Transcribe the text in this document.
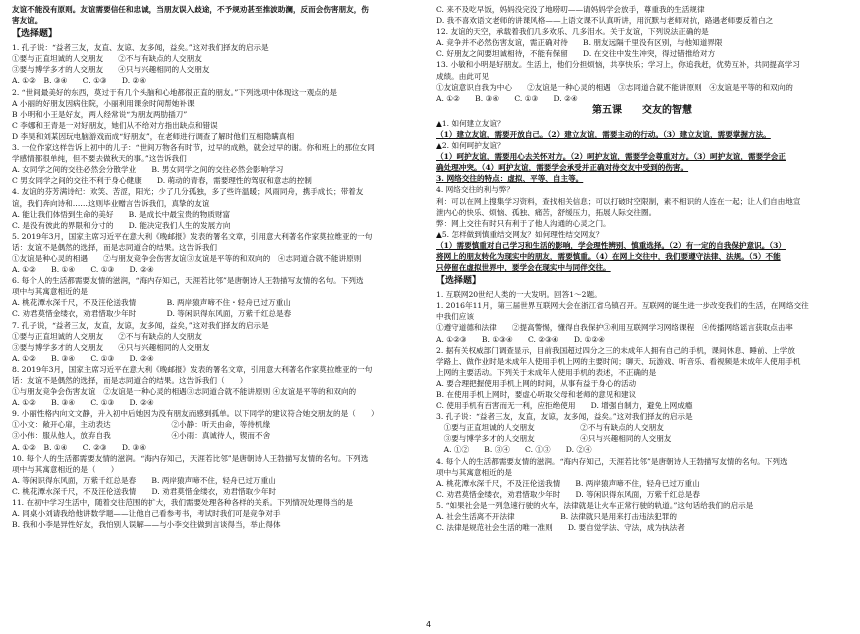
友谊不能没有原则。友谊需要信任和忠诚，当朋友误入歧途，不予规劝甚至推波助澜，反而会伤害朋友，伤
害友谊。
【选择题】
1. 孔子说：“益者三友，友直、友谅、友多闻，益矣。”这对我们择友的启示是
①要与正直坦诚的人交朋友　　②不与有缺点的人交朋友
③要与博学多才的人交朋友　　④只与兴趣相同的人交朋友
A. ①②　B. ③④　　C. ①③　　D. ②④
2. “世间最美好的东西，莫过于有几个头脑和心地都很正直的朋友。”下列选项中体现这一观点的是
A 小丽的好朋友因病住院，小丽利用课余时间帮她补课
B 小明和小王是好友，两人经常说“为朋友两肋插刀”
C 李娜和王青是一对好朋友，她们从不给对方指出缺点和错误
D 李昊和刘某因玩电脑游戏而成“好朋友”，在老师进行调查了解时他们互相隐瞒真相
3. 一位作家这样告诉上初中的儿子：“世间万物各有时节，过早的成熟，就会过早的谢。你和班上的那位女同
学感情都很单纯，但不要去做秋天的事。”这告诉我们
A. 女同学之间的交往必然会分散学业　　B. 男女同学之间的交往必然会影响学习
C 男女同学之间的交往不利于身心健康　　D. 萌动的青春，需要理性的驾驭和意志的控制
4. 友谊的芬芳满诗纪：欢笑、苦涩，阳光；少了几分孤独，多了些许温暖；风雨同舟，携手成长；带着友
谊，我们奔向诗和……这则毕业赠言告诉我们，真挚的友谊
A. 能让我们体悟到生命的美好　　B. 是成长中最宝贵的物质财富
C. 是没有彼此的界限和分寸的　　D. 能决定我们人生的发展方向
5. 2019年3月，国家主席习近平在意大利《晚邮报》发表的署名文章，引用意大利著名作家莫拉维亚的一句
话：友谊不是偶然的选择，而是志同道合的结果。这告诉我们
①友谊是种心灵的相遇　　②与朋友竞争会伤害友谊③友谊是平等的和双向的　④志同道合就不能讲原则
A. ①②　　B. ①④　　C. ①③　　D. ②④
6. 每个人的生活都需要友情的滋润，“海内存知己，天涯若比邻”是唐朝诗人王勃描写友情的名句。下列选
项中与其寓意相近的是
A. 桃花潭水深千尺，不及汪伦送我情　　　　B. 两岸猿声啼不住・轻舟已过万重山
C. 劝君莫惜金缕衣，劝君惜取少年时　　　　D. 等闲识得东风面，万紫千红总是春
7. 孔子说，“益者三友，友直，友谅，友多闻，益矣，”这对我们择友的启示是
①要与正直坦诚的人交朋友　　②不与有缺点的人交朋友
③要与博学多才的人交朋友　　④只与兴趣相同的人交朋友
A. ①②　　B. ③④　　C. ①③　　D. ②④
8. 2019年3月，国家主席习近平在意大利《晚邮报》发表的署名文章，引用意大利著名作家莫拉维亚的一句
话：友谊不是偶然的选择，而是志同道合的结果。这告诉我们（　　）
①与朋友竞争会伤害友谊　②友谊是一种心灵的相遇③志同道合就不能讲原则 ④友谊是平等的和双向的
A. ①②　　B. ③④　　C. ①③　　D. ②④
9. 小丽性格内向文文静，升入初中后她因为没有朋友而感到孤单。以下同学的建议符合她交朋友的是（　　）
①小文：敞开心扉，主动表达　　　　　　　　②小静：听天由命，等待机缘
③小伟：服从他人，放弃自我　　　　　　　　④小雨：真诚待人，锲而不舍
A. ①②　B. ①④　　C. ②③　　D. ③④
10. 每个人的生活都需要友情的滋润。“海内存知己，天涯若比邻”是唐朝诗人王勃描写友情的名句。下列选
项中与其寓意相近的是（　　）
A. 等闲识得东风面，万紫千红总是春　　B. 两岸猿声啼不住，轻舟已过万重山
C. 桃花潭水深千尺，不及汪伦送我情　　D. 劝君莫惜金缕衣，劝君惜取少年时
11. 在初中学习生活中，随着交往范围的扩大，我们需要处理各种各样的关系。下列情况处理得当的是
A. 同桌小刘请我给他讲数学题——让他自己看参考书，考试时我们可是竞争对手
B. 我和小李是异性好友，我怕别人误解——与小李交往做到言谈得当，举止得体
C. 来不及吃早饭，妈妈没完没了地唠叨——请妈妈学会放手，尊重我的生活规律
D. 我不喜欢语文老师的讲课风格——上语文课不认真听讲，用沉默与老师对抗，路遇老师要反着白之
12. 友谊的天空，承载着我们几多欢乐、几多泪水。关于友谊，下列说法正确的是
A. 竞争并不必然伤害友谊，需正确对待　　B. 朋友远隔千里没有区别，与他知道界限
C. 好朋友之间要坦诚相待，不能有保留　　D. 在交往中发生冲突，得过错推给对方
13. 小敏和小明是好朋友。生活上，他们分担烦恼，共享快乐；学习上，你追我赶，优势互补，共同提高学习
成绩。由此可见
①友谊意识自我为中心　　②友谊是一种心灵的相遇　③志同道合就不能讲原则　④友谊是平等的和双向的
A. ①②　　B. ③④　　C. ①③　　D. ②④
第五课　　交友的智慧
▲1. 如何建立友谊？
（1）建立友谊，需要开放自己。（2）建立友谊，需要主动的行动。（3）建立友谊，需要掌握方法。
▲2. 如何呵护友谊？
（1）呵护友谊，需要用心去关怀对方。（2）呵护友谊，需要学会尊重对方。（3）呵护友谊，需要学会正
确处理冲突。（4）呵护友谊，需要学会承受并正确对待交友中受到的伤害。
3. 网络交往的特点：虚拟、平等、自主等。
4. 网络交往的利与弊？
利：可以在网上搜集学习资料，查找相关信息；可以打破时空限制，素不相识的人连在一起；让人们自由地宣
泄内心的快乐、烦恼、孤独、痛苦，舒缓压力，拓展人际交往圈。
弊：网上交往有时只有利于了他人沟通的心灵之门。
▲5. 怎样做到慎重结交网友？如何理性结交网友？
（1）需要慎重对自己学习和生活的影响，学会理性辨别、慎重选择。（2）有一定的自我保护意识。（3）
将网上的朋友转化为现实中的朋友，需要慎重。（4）在网上交往中，我们要遵守法律、法规。（5）不能
只停留在虚拟世界中，要学会在现实中与同伴交往。
【选择题】
1. 互联网20世纪人类的一大发明。回答1～2题。
1. 2016年11月，第三届世界互联网大会在浙江省乌镇召开。互联网的诞生进一步改变我们的生活，在网络交往
中我们应该
①遵守道德和法律　　②提高警惕，懂得自我保护③利用互联网学习网络课程　④传播网络谣言获取点击率
A. ①②③　　B. ①③④　　C. ②③④　　D. ①②④
2. 据有关权威部门调查显示，目前我国超过四分之三的未成年人拥有自己的手机，课间休息、睡前、上学放
学路上、做作业时是未成年人使用手机上网的主要时间；聊天、玩游戏、听音乐、看视频是未成年人使用手机
上网的主要活动。下列关于未成年人使用手机的表述，不正确的是
A. 要合理把握使用手机上网的时间，从事有益于身心的活动
B. 在使用手机上网时，要虚心听取父母和老师的意见和建议
C. 使用手机有百害而无一利，应拒绝使用　　D. 增强自制力，避免上网成瘾
3. 孔子说：“益者三友，友直，友谅，友多闻，益矣。”这对我们择友的启示是
　①要与正直坦诚的人交朋友　　　　　　②不与有缺点的人交朋友
　③要与博学多才的人交朋友　　　　　　④只与兴趣相同的人交朋友
　A. ①②　　B. ③④　　C. ①③　　D. ②④
4. 每个人的生活都需要友情的滋润。“海内存知己，天涯若比邻”是唐朝诗人王勃描写友情的名句。下列选
项中与其寓意相近的是
A. 桃花潭水深千尺，不及汪伦送我情　　B. 两岸猿声啼不住，轻舟已过万重山
C. 劝君莫惜金缕衣，劝君惜取少年时　　D. 等闲识得东风面，万紫千红总是春
5. “如果社会是一列急速行驶的火车，法律就是让火车正常行驶的轨道。”这句话给我们的启示是
A. 社会生活离不开法律　　　　　　B. 法律就只是用来打击违法犯罪的
C. 法律是规范社会生活的唯一准则　　D. 要自觉学法、守法，成为执法者
4
